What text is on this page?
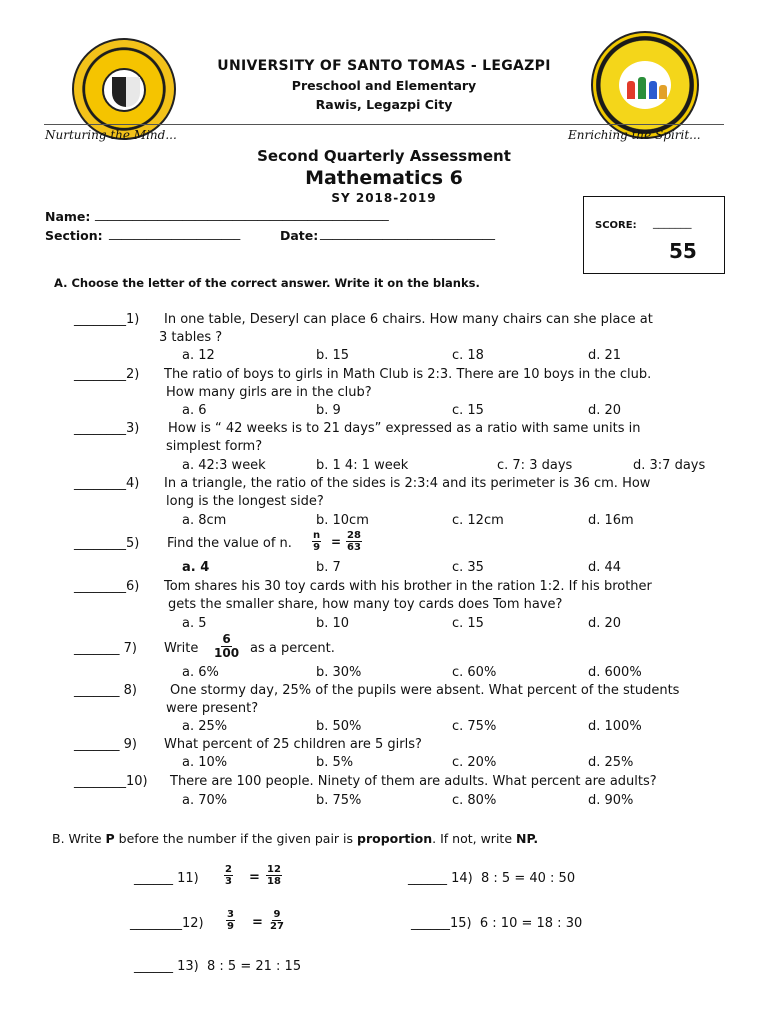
UNIVERSITY OF SANTO TOMAS - LEGAZPI
Preschool and Elementary
Rawis, Legazpi City
Nurturing the Mind...	Enriching the Spirit...
Second Quarterly Assessment
Mathematics 6
SY 2018-2019
Name: _______________________________________________
Section: _____________________	Date: ____________________________	SCORE: _______
55
A. Choose the letter of the correct answer. Write it on the blanks.
________1) In one table, Deseryl can place 6 chairs. How many chairs can she place at
3 tables ?
a. 12	b. 15	c. 18	d. 21
________2) The ratio of boys to girls in Math Club is 2:3. There are 10 boys in the club.
How many girls are in the club?
a. 6	b. 9	c. 15	d. 20
________3) How is “ 42 weeks is to 21 days” expressed as a ratio with same units in
simplest form?
a. 42:3 week	b. 1 4: 1 week	c. 7: 3 days	d. 3:7 days
________4) In a triangle, the ratio of the sides is 2:3:4 and its perimeter is 36 cm. How
long is the longest side?
a. 8cm	b. 10cm	c. 12cm	d. 16m
________5) Find the value of n. $\frac{n}{9} = \frac{28}{63}$
a. 4	b. 7	c. 35	d. 44
________6) Tom shares his 30 toy cards with his brother in the ration 1:2. If his brother
gets the smaller share, how many toy cards does Tom have?
a. 5	b. 10	c. 15	d. 20
_______ 7) Write $\frac{6}{100}$ as a percent.
a. 6%	b. 30%	c. 60%	d. 600%
_______ 8)	One stormy day, 25% of the pupils were absent. What percent of the students
were present?
a. 25%	b. 50%	c. 75%	d. 100%
_______ 9) What percent of 25 children are 5 girls?
a. 10%	b. 5%	c. 20%	d. 25%
________10) There are 100 people. Ninety of them are adults. What percent are adults?
a. 70%	b. 75%	c. 80%	d. 90%
B. Write P before the number if the given pair is proportion. If not, write NP.
______ 11)	$\frac{2}{3} = \frac{12}{18}$	______ 14) 8 : 5 = 40 : 50
________12) $\frac{3}{9} = \frac{9}{27}$	______15) 6 : 10 = 18 : 30
______ 13) 8 : 5 = 21 : 15
